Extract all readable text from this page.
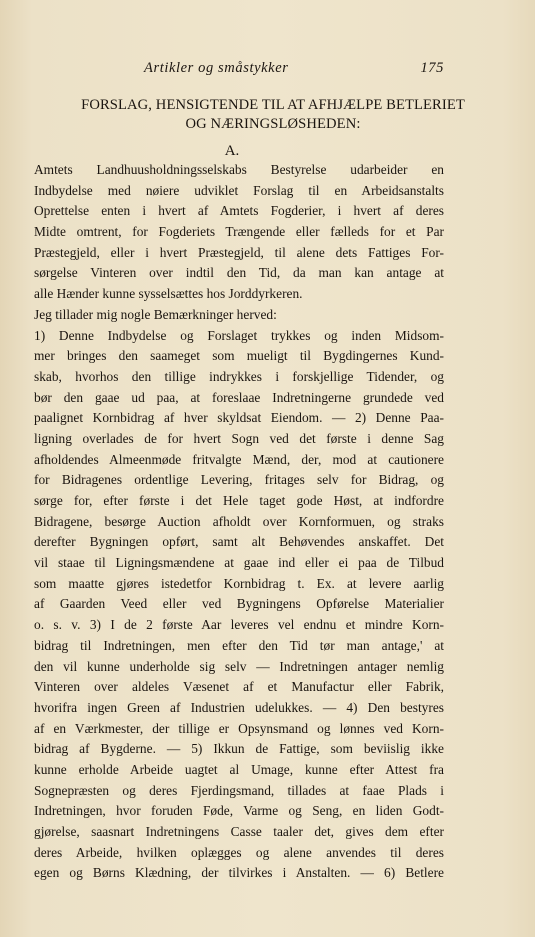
Artikler og småstykker	175
FORSLAG, HENSIGTENDE TIL AT AFHJÆLPE BETLERIET
OG NÆRINGSLØSHEDEN:
A.
Amtets Landhuusholdningsselskabs Bestyrelse udarbeider en
Indbydelse med nøiere udviklet Forslag til en Arbeidsanstalts
Oprettelse enten i hvert af Amtets Fogderier, i hvert af deres
Midte omtrent, for Fogderiets Trængende eller fælleds for et Par
Præstegjeld, eller i hvert Præstegjeld, til alene dets Fattiges For-
sørgelse Vinteren over indtil den Tid, da man kan antage at
alle Hænder kunne sysselsættes hos Jorddyrkeren.
Jeg tillader mig nogle Bemærkninger herved:
1) Denne Indbydelse og Forslaget trykkes og inden Midsom-
mer bringes den saameget som mueligt til Bygdingernes Kund-
skab, hvorhos den tillige indrykkes i forskjellige Tidender, og
bør den gaae ud paa, at foreslaae Indretningerne grundede ved
paalignet Kornbidrag af hver skyldsat Eiendom. — 2) Denne Paa-
ligning overlades de for hvert Sogn ved det første i denne Sag
afholdendes Almeenmøde fritvalgte Mænd, der, mod at cautionere
for Bidragenes ordentlige Levering, fritages selv for Bidrag, og
sørge for, efter første i det Hele taget gode Høst, at indfordre
Bidragene, besørge Auction afholdt over Kornformuen, og straks
derefter Bygningen opført, samt alt Behøvendes anskaffet. Det
vil staae til Ligningsmændene at gaae ind eller ei paa de Tilbud
som maatte gjøres istedetfor Kornbidrag t. Ex. at levere aarlig
af Gaarden Veed eller ved Bygningens Opførelse Materialier
o. s. v. 3) I de 2 første Aar leveres vel endnu et mindre Korn-
bidrag til Indretningen, men efter den Tid tør man antage,' at
den vil kunne underholde sig selv — Indretningen antager nemlig
Vinteren over aldeles Væsenet af et Manufactur eller Fabrik,
hvorifra ingen Green af Industrien udelukkes. — 4) Den bestyres
af en Værkmester, der tillige er Opsynsmand og lønnes ved Korn-
bidrag af Bygderne. — 5) Ikkun de Fattige, som beviislig ikke
kunne erholde Arbeide uagtet al Umage, kunne efter Attest fra
Sognepræsten og deres Fjerdingsmand, tillades at faae Plads i
Indretningen, hvor foruden Føde, Varme og Seng, en liden Godt-
gjørelse, saasnart Indretningens Casse taaler det, gives dem efter
deres Arbeide, hvilken oplægges og alene anvendes til deres
egen og Børns Klædning, der tilvirkes i Anstalten. — 6) Betlere
